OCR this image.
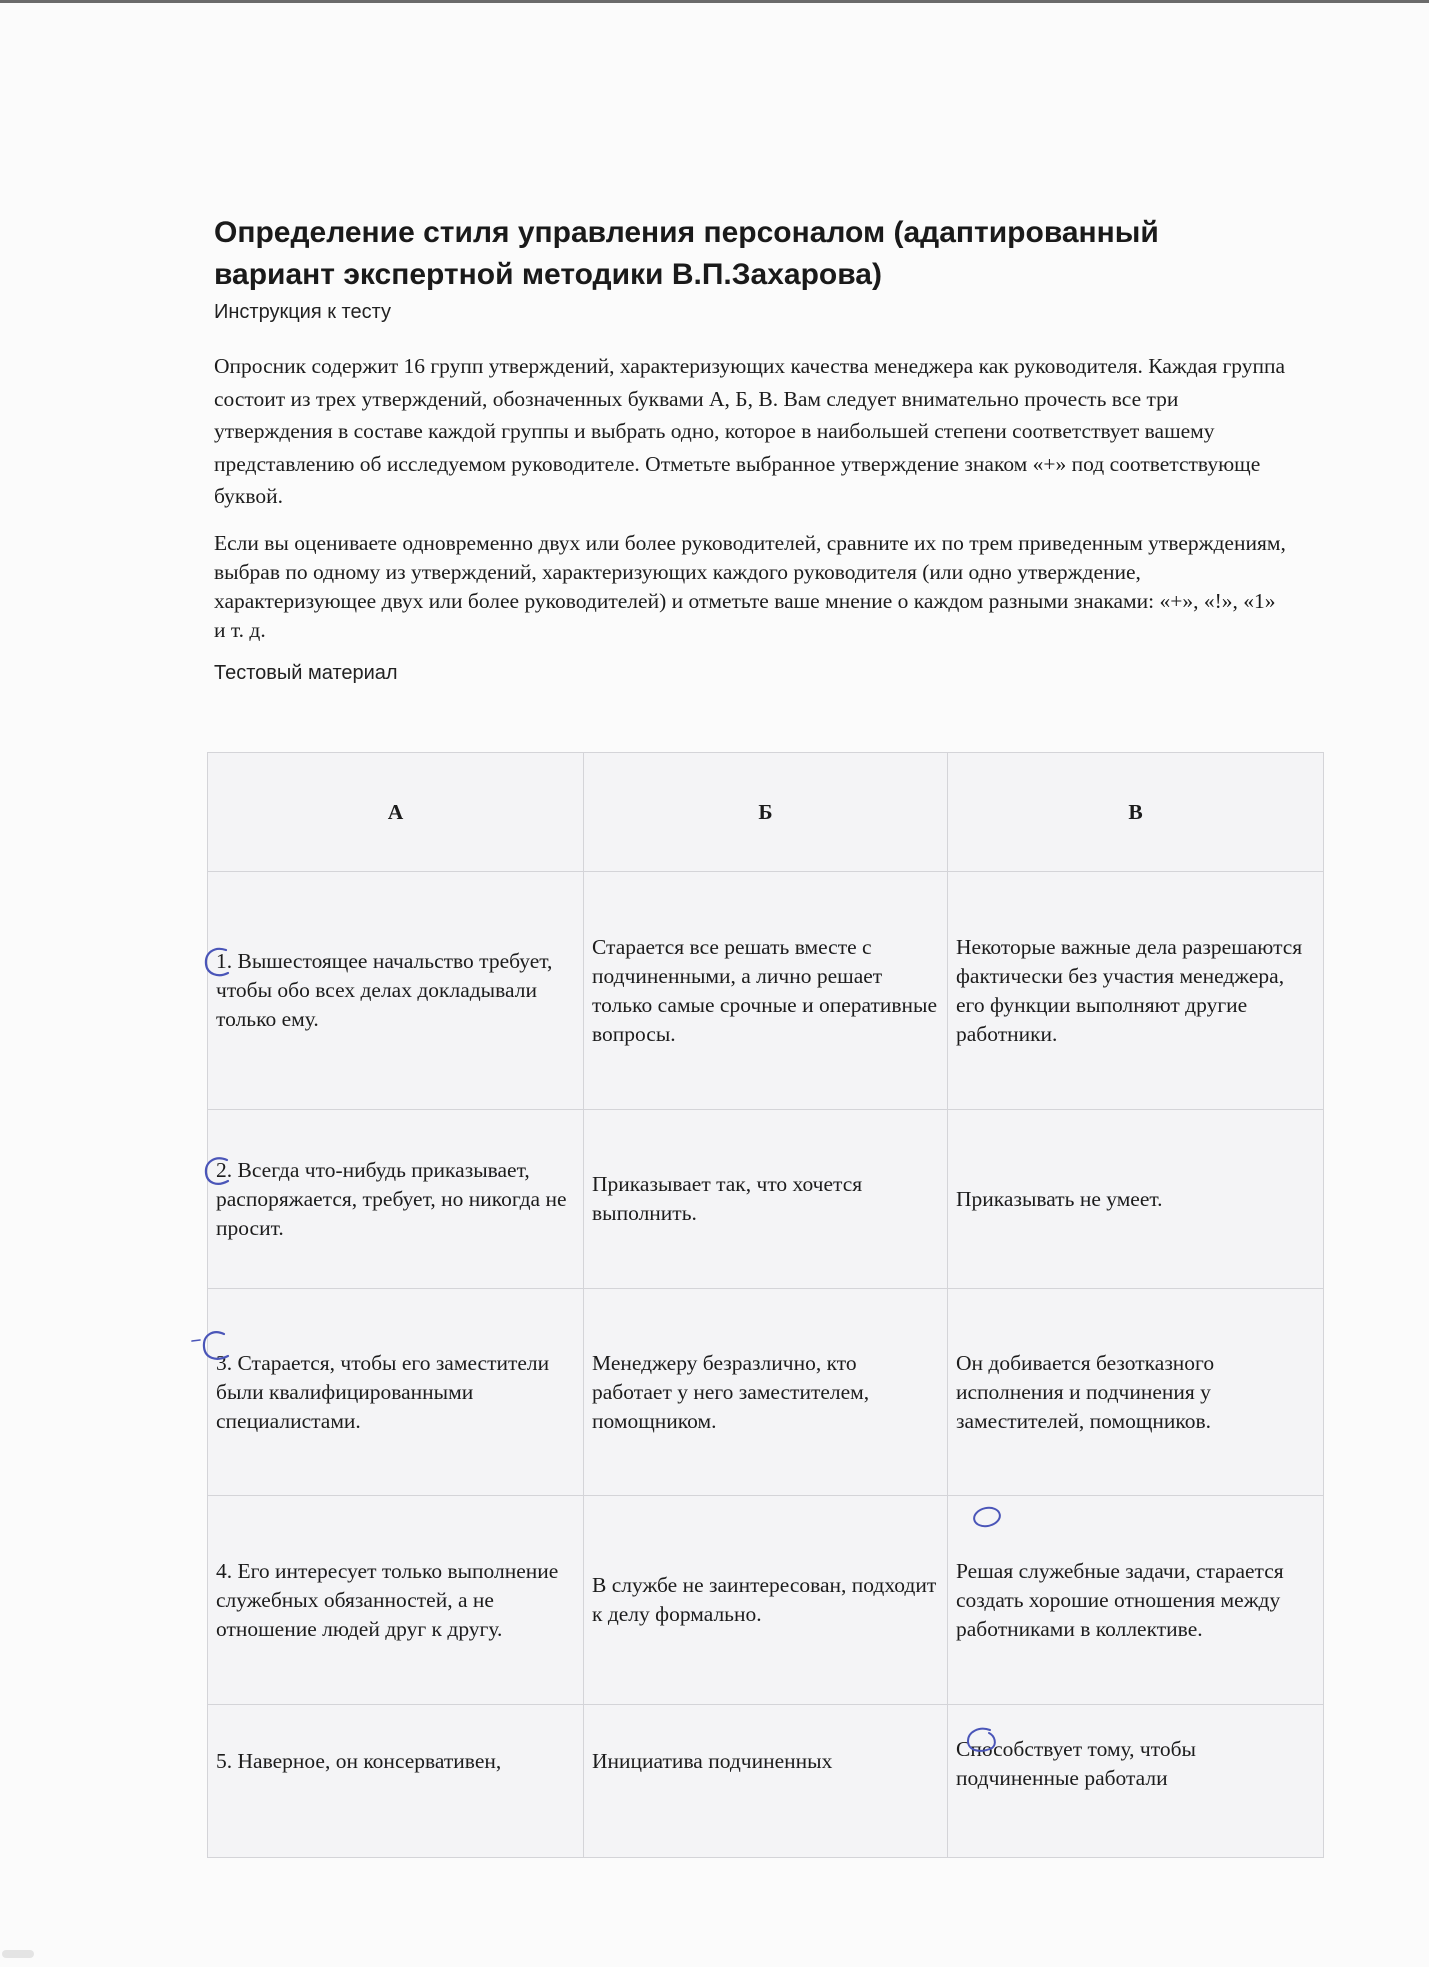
Определение стиля управления персоналом (адаптированный
вариант экспертной методики В.П.Захарова)

Инструкция к тесту

Опросник содержит 16 групп утверждений, характеризующих качества менеджера как руководителя. Каждая группа состоит из трех утверждений, обозначенных буквами А, Б, В. Вам следует внимательно прочесть все три утверждения в составе каждой группы и выбрать одно, которое в наибольшей степени соответствует вашему представлению об исследуемом руководителе. Отметьте выбранное утверждение знаком «+» под соответствующе буквой.

Если вы оцениваете одновременно двух или более руководителей, сравните их по трем приведенным утверждениям, выбрав по одному из утверждений, характеризующих каждого руководителя (или одно утверждение, характеризующее двух или более руководителей) и отметьте ваше мнение о каждом разными знаками: «+», «!», «1» и т. д.

Тестовый материал

А	Б	В
1. Вышестоящее начальство требует, чтобы обо всех делах докладывали только ему.	Старается все решать вместе с подчиненными, а лично решает только самые срочные и оперативные вопросы.	Некоторые важные дела разрешаются фактически без участия менеджера, его функции выполняют другие работники.
2. Всегда что-нибудь приказывает, распоряжается, требует, но никогда не просит.	Приказывает так, что хочется выполнить.	Приказывать не умеет.
3. Старается, чтобы его заместители были квалифицированными специалистами.	Менеджеру безразлично, кто работает у него заместителем, помощником.	Он добивается безотказного исполнения и подчинения у заместителей, помощников.
4. Его интересует только выполнение служебных обязанностей, а не отношение людей друг к другу.	В службе не заинтересован, подходит к делу формально.	Решая служебные задачи, старается создать хорошие отношения между работниками в коллективе.
5. Наверное, он консервативен,	Инициатива подчиненных	Способствует тому, чтобы подчиненные работали
